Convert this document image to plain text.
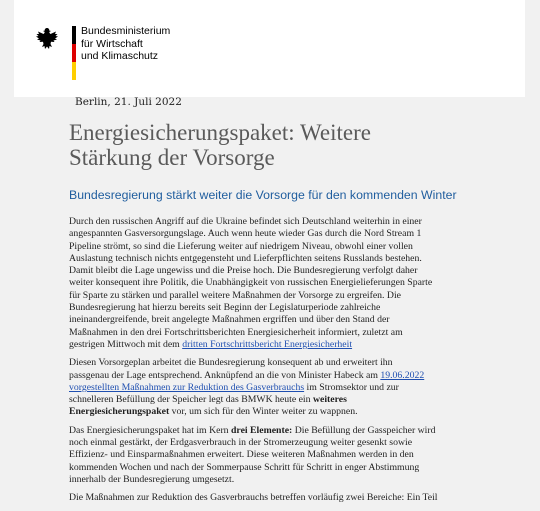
Bundesministerium
für Wirtschaft
und Klimaschutz

Berlin, 21. Juli 2022

Energiesicherungspaket: Weitere
Stärkung der Vorsorge
Bundesregierung stärkt weiter die Vorsorge für den kommenden Winter

Durch den russischen Angriff auf die Ukraine befindet sich Deutschland weiterhin in einer
angespannten Gasversorgungslage. Auch wenn heute wieder Gas durch die Nord Stream 1
Pipeline strömt, so sind die Lieferung weiter auf niedrigem Niveau, obwohl einer vollen
Auslastung technisch nichts entgegensteht und Lieferpflichten seitens Russlands bestehen.
Damit bleibt die Lage ungewiss und die Preise hoch. Die Bundesregierung verfolgt daher
weiter konsequent ihre Politik, die Unabhängigkeit von russischen Energielieferungen Sparte
für Sparte zu stärken und parallel weitere Maßnahmen der Vorsorge zu ergreifen. Die
Bundesregierung hat hierzu bereits seit Beginn der Legislaturperiode zahlreiche
ineinandergreifende, breit angelegte Maßnahmen ergriffen und über den Stand der
Maßnahmen in den drei Fortschrittsberichten Energiesicherheit informiert, zuletzt am
gestrigen Mittwoch mit dem dritten Fortschrittsbericht Energiesicherheit

Diesen Vorsorgeplan arbeitet die Bundesregierung konsequent ab und erweitert ihn
passgenau der Lage entsprechend. Anknüpfend an die von Minister Habeck am 19.06.2022
vorgestellten Maßnahmen zur Reduktion des Gasverbrauchs im Stromsektor und zur
schnelleren Befüllung der Speicher legt das BMWK heute ein weiteres
Energiesicherungspaket vor, um sich für den Winter weiter zu wappnen.

Das Energiesicherungspaket hat im Kern drei Elemente: Die Befüllung der Gasspeicher wird
noch einmal gestärkt, der Erdgasverbrauch in der Stromerzeugung weiter gesenkt sowie
Effizienz- und Einsparmaßnahmen erweitert. Diese weiteren Maßnahmen werden in den
kommenden Wochen und nach der Sommerpause Schritt für Schritt in enger Abstimmung
innerhalb der Bundesregierung umgesetzt.

Die Maßnahmen zur Reduktion des Gasverbrauchs betreffen vorläufig zwei Bereiche: Ein Teil
